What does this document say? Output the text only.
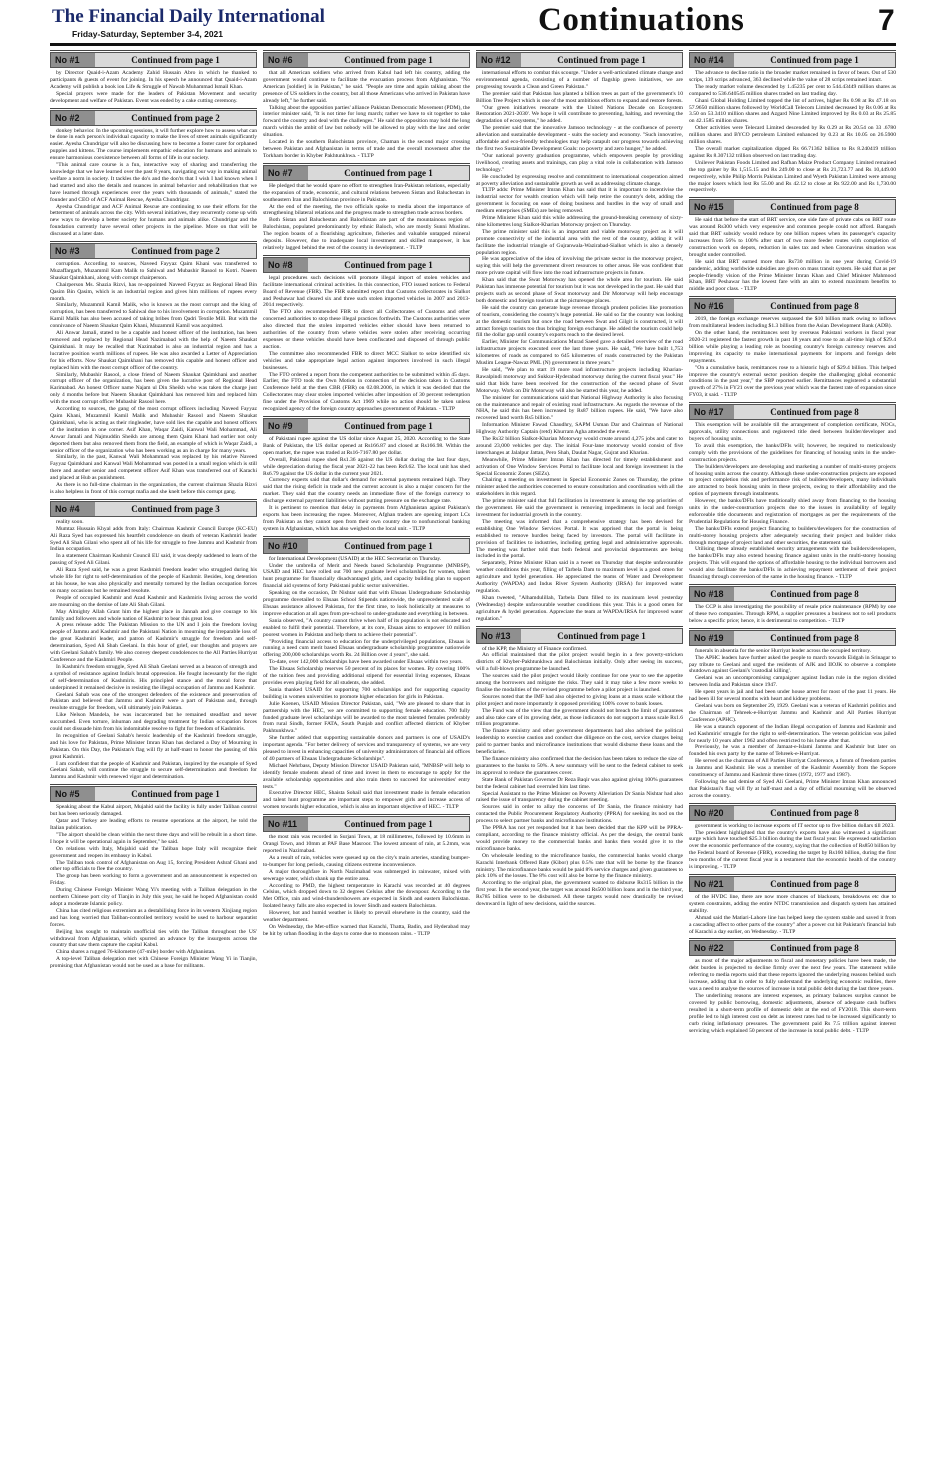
The Financial Daily International
Friday-Saturday, September 3-4, 2021	Continuations	7
No #1	Continued from page 1

by Director Quaid-i-Azam Academy Zahid Hussain Abro in which he thanked to participants & guests of event for joining. In his speech he announced that Quaid-i-Azam Academy will publish a book ion Life & Struggle of Nawab Muhammad Ismail Khan.

Special prayers were made for the leaders of Pakistan Movement and security development and welfare of Pakistan. Event was ended by a cake cutting ceremony.

No #2	Continued from page 2

donkey behavior. In the upcoming sessions, it will further explore how to assess what can be done in each person's individual capacity to make the lives of street animals significantly easier. Ayesha Chundrigar will also be discussing how to become a foster carer for orphaned puppies and kittens. The course implements empathic education for humans and animals to ensure harmonious coexistence between all forms of life in our society.

"This animal care course is a fun, interactive way of sharing and transferring the knowledge that we have learned over the past 8 years, navigating our way in making animal welfare a norm in society. It tackles the do's and the don'ts that I wish I had known when I had started and also the details and nuances in animal behavior and rehabilitation that we have learned through experiences over the years with thousands of animals," stated the founder and CEO of ACF Animal Rescue, Ayesha Chundrigar.

Ayesha Chundrigar and ACF Animal Rescue are continuing to use their efforts for the betterment of animals across the city. With several initiatives, they recurrently come up with new ways to develop a better society for humans and animals alike. Chundrigar and the foundation currently have several other projects in the pipeline. More on that will be discussed at a later date.

No #3	Continued from page 2

corruption. According to sources, Naveed Fayyaz Qaim Khani was transferred to Muzaffargarh, Muzammil Kam Malik to Sahiwal and Mubashir Rasool to Kotri. Naeem Shaukat Qaimkhani, along with corrupt chairperson.

Chairperson Ms. Shazia Rizvi, has re-appointed Naveed Fayyaz as Regional Head Bin Qasim Bin Qasim, which is an industrial region and gives him millions of rupees every month.

Similarly, Muzammil Kamil Malik, who is known as the most corrupt and the king of corruption, has been transferred to Sahiwal due to his involvement in corruption. Muzammil Kamil Malik has also been accused of taking bribes from Qadri Textile Mill. But with the connivance of Naeem Shaukat Qaim Khani, Muzammil Kamil was acquitted.

Ali Anwar Jamali, stated to be a capable and honest officer of the institution, has been removed and replaced by Regional Head Nazimabad with the help of Naeem Shaukat Qaimkhani. It may be recalled that Nazimabad is also an industrial region and has a lucrative position worth millions of rupees. He was also awarded a Letter of Appreciation for his efforts. Now Shaukat Qaimkhani has removed this capable and honest officer and replaced him with the most corrupt officer of the country.

Similarly, Mubashir Rasool, a close friend of Naeem Shaukat Qaimkhani and another corrupt officer of the organization, has been given the lucrative post of Regional Head Karimabad. An honest Officer name Najam ul Din Sheikh who was taken the charge just only 4 months before but Naeem Shaukat Qaimkhani has removed him and replaced him with the most corrupt officer Mubashir Rasool here.

According to sources, the gang of the most corrupt officers including Naveed Fayyaz Qaim Khani, Muzammil Kamil Malik and Mubashir Rasool and Naeem Shaukat Qaimkhani, who is acting as their ringleader, have sold lies the capable and honest officers of the institution in one corner. Asif Khan, Waqar Zaidi, Kanwal Wali Mohammad, Ali Anwar Jamali and Najmuddin Sheikh are among them Qaim Khani had earlier not only deported them but also removed them from the field, an example of which is Waqar Zaidi, a senior officer of the organization who has been working as an in charge for many years.

Similarly, in the past, Kanwal Wali Mohammad was replaced by his relative Naveed Fayyaz Qaimkhani and Kanwal Wali Mohammad was posted in a small region which is still there and another senior and competent officer Asif Khan was transferred out of Karachi and placed at Hub as punishment.

As there is no full-time chairman in the organization, the current chairman Shazia Rizvi is also helpless in front of this corrupt mafia and she knelt before this corrupt gang.

No #4	Continued from page 3

reality soon.

Mumtaz Hussain Khyal adds from Italy: Chairman Kashmir Council Europe (KC-EU) Ali Raza Syed has expressed his heartfelt condolence on death of veteran Kashmiri leader Syed Ali Shah Gilani who spent all of his life for struggle to free Jammu and Kashmir from Indian occupation.

In a statement Chairman Kashmir Council EU said, it was deeply saddened to learn of the passing of Syed Ali Gilani.

Ali Raza Syed said, he was a great Kashmiri freedom leader who struggled during his whole life for right to self-determination of the people of Kashmir. Besides, long detention at his house, he was also physically and mentally tortured by the Indian occupation forces on many occasions but he remained resolute.

People of occupied Kashmir and Azad Kashmir and Kashmiris living across the world are mourning on the demise of late Ali Shah Gilani.

May Almighty Allah Grant him the highest place in Jannah and give courage to his family and followers and whole nation of Kashmir to bear this great loss.

A press release adds: The Pakistan Mission to the UN and I join the freedom loving people of Jammu and Kashmir and the Pakistani Nation in mourning the irreparable loss of the great Kashmiri leader, and patron of Kashmir's struggle for freedom and self-determination, Syed Ali Shah Geelani. In this hour of grief, our thoughts and prayers are with Geelani Sahab's family. We also convey deepest condolences to the All Parties Hurriyat Conference and the Kashmiri People.

In Kashmir's freedom struggle, Syed Ali Shah Geelani served as a beacon of strength and a symbol of resistance against India's brutal oppression. He fought incessantly for the right of self-determination of Kashmiris. His principled stance and the moral force that underpinned it remained decisive in resisting the illegal occupation of Jammu and Kashmir.

Geelani Sahab was one of the strongest defenders of the existence and preservation of Pakistan and believed that Jammu and Kashmir were a part of Pakistan and, through resolute struggle for freedom, will ultimately join Pakistan.

Like Nelson Mandela, he was incarcerated but he remained steadfast and never succumbed. Even torture, inhuman and degrading treatment by Indian occupation forces could not dissuade him from his indomitable resolve to fight for freedom of Kashmiris.

In recognition of Geelani Sahab's heroic leadership of the Kashmiri freedom struggle, and his love for Pakistan, Prime Minister Imran Khan has declared a Day of Mourning in Pakistan. On this Day, the Pakistan's flag will fly at half-mast to honor the passing of this great Kashmiri.

I am confident that the people of Kashmir and Pakistan, inspired by the example of Syed Geelani Sahab, will continue the struggle to secure self-determination and freedom for Jammu and Kashmir with renewed vigor and determination.

No #5	Continued from page 1

Speaking about the Kabul airport, Mujahid said the facility is fully under Taliban control but has been seriously damaged.

Qatar and Turkey are leading efforts to resume operations at the airport, he told the Italian publication.

"The airport should be clean within the next three days and will be rebuilt in a short time. I hope it will be operational again in September," he said.

On relations with Italy, Mujahid said the Taliban hope Italy will recognize their government and reopen its embassy in Kabul.

The Taliban took control of Afghanistan on Aug 15, forcing President Ashraf Ghani and other top officials to flee the country.

The group has been working to form a government and an announcement is expected on Friday.

During Chinese Foreign Minister Wang Yi's meeting with a Taliban delegation in the northern Chinese port city of Tianjin in July this year, he said he hoped Afghanistan could adopt a moderate Islamic policy.

China has cited religious extremism as a destabilising force in its western Xinjiang region and has long worried that Taliban-controlled territory would be used to harbour separatist forces.

Beijing has sought to maintain unofficial ties with the Taliban throughout the US' withdrawal from Afghanistan, which spurred an advance by the insurgents across the country that saw them capture the capital Kabul.

China shares a rugged 76-kilometre (47-mile) border with Afghanistan.

A top-level Taliban delegation met with Chinese Foreign Minister Wang Yi in Tianjin, promising that Afghanistan would not be used as a base for militants.

No #6	Continued from page 1

that all American soldiers who arrived from Kabul had left his country, adding the government would continue to facilitate the evacuation process from Afghanistan. "No American [soldier] is in Pakistan," he said. "People are time and again talking about the presence of US soldiers in the country, but all those Americans who arrived in Pakistan have already left," he further said.

Talking about the opposition parties' alliance Pakistan Democratic Movement (PDM), the interior minister said, "It is not time for long march; rather we have to sit together to take forward the country and deal with the challenges." He said the opposition may hold the long march within the ambit of law but nobody will be allowed to play with the law and order situation.

Located in the southern Balochistan province, Chaman is the second major crossing between Pakistan and Afghanistan in terms of trade and the overall movement after the Torkham border in Khyber Pakhtunkhwa. - TLTP

No #7	Continued from page 1

He pledged that he would spare no effort to strengthen Iran-Pakistan relations, especially the expansion of trade, economic, and cultural relations between Sistan and Baluchestan in southeastern Iran and Balochistan province in Pakistan.

At the end of the meeting, the two officials spoke to media about the importance of strengthening bilateral relations and the progress made to strengthen trade across borders.

Both Sistan and Baluchestan and Balochistan are part of the mountainous region of Balochistan, populated predominantly by ethnic Baloch, who are mostly Sunni Muslims. The region boasts of a flourishing agriculture, fisheries and valuable untapped mineral deposits. However, due to inadequate local investment and skilled manpower, it has relatively lagged behind the rest of the country in development. - TLTP

No #8	Continued from page 1

legal procedures such decisions will promote illegal import of stolen vehicles and facilitate international criminal activities. In this connection, FTO issued notices to Federal Board of Revenue (FBR). The FBR submitted report that Customs collectorates in Sialkot and Peshawar had cleared six and three such stolen imported vehicles in 2007 and 2013-2014 respectively.

The FTO also recommended FBR to direct all Collectorates of Customs and other concerned authorities to stop these illegal practices forthwith. The Customs authorities were also directed that the stolen imported vehicles either should have been returned to authorities of the country from where vehicles were stolen after receiving occurring expenses or these vehicles should have been confiscated and disposed of through public auction.

The committee also recommended FBR to direct MCC Sialkot to seize identified six vehicles and take appropriate legal action against importers involved in such illegal businesses.

The FTO ordered a report from the competent authorities to be submitted within 45 days. Earlier, the FTO took the Own Motion in connection of the decision taken in Customs Conference held at the then CBR (FBR) on 02.08.2006, in which it was decided that the Collectorates may clear stolen imported vehicles after imposition of 30 percent redemption fine under the Provision of Customs Act 1969 while no action should be taken unless recognized agency of the foreign country approaches government of Pakistan. - TLTP

No #9	Continued from page 1

of Pakistani rupee against the US dollar since August 25, 2020. According to the State Bank of Pakistan, the US dollar opened at Rs166.87 and closed at Rs166.98. Within the open market, the rupee was traded at Rs16-7167.80 per dollar.

Overall, Pakistani rupee shed Rs1.36 against the US dollar during the last four days, while depreciation during the fiscal year 2021-22 has been Rs9.62. The local unit has shed Rs6.79 against the US dollar in the current year 2021.

Currency experts said that dollar's demand for external payments remained high. They said that the rising deficit in trade and the current account is also a major concern for the market. They said that the country needs an immediate flow of the foreign currency to discharge external payment liabilities without putting pressure on the exchange rate.

It is pertinent to mention that delay in payments from Afghanistan against Pakistan's exports has been increasing the rupee. Moreover, Afghan traders are opening import LCs from Pakistan as they cannot open from their own country due to nonfunctional banking system in Afghanistan, which has also weighed on the local unit. - TLTP

No #10	Continued from page 1

for International Development (USAID) at the HEC Secretariat on Thursday.

Under the umbrella of Merit and Needs based Scholarship Programme (MNBSP), USAID and HEC have rolled out 700 new graduate level scholarships for women, talent hunt programme for financially disadvantaged girls, and capacity building plan to support financial aid systems of forty Pakistani public sector universities.

Speaking on the occasion, Dr Nishtar said that with Ehsaas Undergraduate Scholarship programme dovetailed to Ehsaas School Stipends nationwide, the unprecedented scale of Ehsaas assistance allowed Pakistan, for the first time, to look holistically at measures to improve education at all ages from pre-school to under-graduate and everything in between.

Sania observed, "A country cannot thrive when half of its population is not educated and enabled to fulfil their potential. Therefore, at its core, Ehsaas aims to empower 10 million poorest women in Pakistan and help them to achieve their potential".

"Providing financial access to education for the underprivileged populations, Ehsaas is running a need cum merit based Ehsaas undergraduate scholarship programme nationwide offering 200,000 scholarships worth Rs. 24 Billion over 4 years", she said.

To-date, over 142,000 scholarships have been awarded under Ehsaas within two years.

The Ehsaas Scholarship reserves 50 percent of its places for women. By covering 100% of the tuition fees and providing additional stipend for essential living expenses, Ehsaas provides even playing field for all students, she added.

Sania thanked USAID for supporting 700 scholarships and for supporting capacity building in women universities to promote higher education for girls in Pakistan.

Julie Koenen, USAID Mission Director Pakistan, said, "We are pleased to share that in partnership with the HEC, we are committed to supporting female education. 700 fully funded graduate level scholarships will be awarded to the most talented females preferably from rural Sindh, former FATA, South Punjab and conflict affected districts of Khyber Pakhtunkhwa."

She further added that supporting sustainable donors and partners is one of USAID's important agenda. "For better delivery of services and transparency of systems, we are very pleased to invest in enhancing capacities of university administrators of financial aid offices of 40 partners of Ehsaas Undergraduate Scholarships".

Michael Nehrbass, Deputy Mission Director USAID Pakistan said, "MNBSP will help to identify female students ahead of time and invest in them to encourage to apply for the available scholarship opportunities and also train them to succeed for universities' entry tests."

Executive Director HEC, Shaista Sohail said that investment made in female education and talent hunt programme are important steps to empower girls and increase access of women towards higher education, which is also an important objective of HEC. - TLTP

No #11	Continued from page 1

the most rain was recorded in Surjani Town, at 18 millimetres, followed by 10.6mm in Orangi Town, and 10mm at PAF Base Masroor. The lowest amount of rain, at 5.2mm, was reported in Nazimabad.

As a result of rain, vehicles were queued up on the city's main arteries, standing bumper-to-bumper for long periods, causing citizens extreme inconvenience.

A major thoroughfare in North Nazimabad was submerged in rainwater, mixed with sewerage water, which shank up the entire area.

According to PMD, the highest temperature in Karachi was recorded at 40 degrees Celsius, which dropped down to 32 degrees Celsius after the downpour. According to the Met Office, rain and wind-thundershowers are expected in Sindh and eastern Balochistan. Isolated heavy falls are also expected in lower Sindh and eastern Balochistan.

However, hot and humid weather is likely to prevail elsewhere in the country, said the weather department.

On Wednesday, the Met-office warned that Karachi, Thatta, Badin, and Hyderabad may be hit by urban flooding in the days to come due to monsoon rains. - TLTP

No #12	Continued from page 1

international efforts to combat this scourge. "Under a well-articulated climate change and environmental agenda, consisting of a number of flagship green initiatives, we are progressing towards a Clean and Green Pakistan."

The premier said that Pakistan has planted a billion trees as part of the government's 10 Billion Tree Project which is one of the most ambitious efforts to expand and restore forests.

"Our green initiatives resonate with the United Nations Decade on Ecosystem Restoration 2021-2030'. We hope it will contribute to preventing, halting, and reversing the degradation of ecosystems," he added.

The premier said that the innovative Jamsoo technology - at the confluence of poverty alleviation and sustainable development - suits the society and economy. "Such innovative, affordable and eco-friendly technologies may help catapult our progress towards achieving the first two Sustainable Development Goals: no poverty and zero hunger," he added.

"Our national poverty graduation programme, which empowers people by providing livelihood, creating assets and trainings, can play a vital role in collaboration with Jamsoo technology."

He concluded by expressing resolve and commitment to international cooperation aimed at poverty alleviation and sustainable growth as well as addressing climate change.

TLTP adds: Prime Minister Imran Khan has said that it is important to incentivise the industrial sector for wealth creation which will help retire the country's debt, adding the government is focusing on ease of doing business and hurdles in the way of small and medium enterprises (SMEs) are being removed.

Prime Minister Khan said this while addressing the ground-breaking ceremony of sixty-nine kilometres long Sialkot-Kharian Motorway project on Thursday.

The prime minister said this is an important and viable motorway project as it will promote connectivity of the industrial area with the rest of the country, adding it will facilitate the industrial triangle of Gujranwala-Wazirabad-Sialkot which is also a densely population region.

He was appreciative of the idea of involving the private sector in the motorway project, saying this will help the government divert resources to other areas. He was confident that more private capital will flow into the road infrastructure projects in future.

Khan said that the Swat Motorway has opened the whole area for tourism. He said Pakistan has immense potential for tourism but it was not developed in the past. He said that projects such as second phase of Swat motorway and Dir Motorway will help encourage both domestic and foreign tourism at the picturesque places.

He said the country can generate huge revenue through prudent policies like promotion of tourism, considering the country's huge potential. He said so far the country was looking at the domestic tourism but once the road between Swat and Gilgit is constructed, it will attract foreign tourists too thus bringing foreign exchange. He added the tourism could help fill the dollar gap until country's exports reach to the desired level.

Earlier, Minister for Communications Murad Saeed gave a detailed overview of the road infrastructure projects executed over the last three years. He said, "We have built 1,753 kilometres of roads as compared to 645 kilometres of roads constructed by the Pakistan Muslim League-Nawaz PML (N) government in three years."

He said, "We plan to start 19 more road infrastructure projects including Kharian-Rawalpindi motorway and Sukkur-Hyderabad motorway during the current fiscal year." He said that bids have been received for the construction of the second phase of Swat Motorway. Work on Dir Motorway will also be started this year, he added.

The minister for communications said that National Highway Authority is also focusing on the maintenance and repair of existing road infrastructure. As regards the revenue of the NHA, he said this has been increased by Rs87 billion rupees. He said, "We have also recovered land worth Rs5 billion."

Information Minister Fawad Chaudhry, SAPM Usman Dar and Chairman of National Highway Authority Captain (retd) Khurram Agha attended the event.

The Rs32 billion Sialkot-Kharian Motorway would create around 4,275 jobs and cater to around 23,000 vehicles per day. The initial Four-lane motorway would consist of five interchanges at Jalalpur Jattan, Pero Shah, Daulat Nagar, Gujrat and Kharian.

Meanwhile, Prime Minister Imran Khan has directed for timely establishment and activation of One Window Services Portal to facilitate local and foreign investment in the Special Economic Zones (SEZs).

Chairing a meeting on investment in Special Economic Zones on Thursday, the prime minister asked the authorities concerned to ensure consultation and coordination with all the stakeholders in this regard.

The prime minister said that full facilitation in investment is among the top priorities of the government. He said the government is removing impediments in local and foreign investment for industrial growth in the country.

The meeting was informed that a comprehensive strategy has been devised for establishing One Window Services Portal. It was apprised that the portal is being established to remove hurdles being faced by investors. The portal will facilitate in provision of facilities to industries, including getting legal and administrative approvals. The meeting was further told that both federal and provincial departments are being included in the portal.

Separately, Prime Minister Khan said in a tweet on Thursday that despite unfavourable weather conditions this year, filling of Tarbela Dam to maximum level is a good omen for agriculture and hydel generation. He appreciated the teams of Water and Development Authority (WAPDA) and Indus River System Authority (IRSA) for improved water regulation.

Khan tweeted, "Alhamdulillah, Tarbela Dam filled to its maximum level yesterday (Wednesday) despite unfavourable weather conditions this year. This is a good omen for agriculture & hydel generation. Appreciate the team at WAPDA/IRSA for improved water regulation."

No #13	Continued from page 1

of the KPP, the Ministry of Finance confirmed.

An official maintained that the pilot project would begin in a few poverty-stricken districts of Khyber-Pakhtunkhwa and Balochistan initially. Only after seeing its success, will a full-blown programme be launched.

The sources said the pilot project would likely continue for one year to see the appetite among the borrowers and mitigate the risks. They said it may take a few more weeks to finalise the modalities of the revised programme before a pilot project is launched.

Sources noted that the IMF had also objected to giving loans at a mass scale without the pilot project and more importantly it opposed providing 100% cover to bank losses.

The Fund was of the view that the government should not breach the limit of guarantees and also take care of its growing debt, as those indicators do not support a mass scale Rs1.6 trillion programme.

The finance ministry and other government departments had also advised the political leadership to exercise caution and conduct due diligence on the cost, service charges being paid to partner banks and microfinance institutions that would disburse these loans and the beneficiaries.

The finance ministry also confirmed that the decision has been taken to reduce the size of guarantees to the banks to 50%. A new summary will be sent to the federal cabinet to seek its approval to reduce the guarantees cover.

State Bank of Pakistan Governor Dr Reza Baqir was also against giving 100% guarantees but the federal cabinet had overruled him last time.

Special Assistant to the Prime Minister on Poverty Alleviation Dr Sania Nishtar had also raised the issue of transparency during the cabinet meeting.

Sources said in order to allay the concerns of Dr Sania, the finance ministry had contacted the Public Procurement Regulatory Authority (PPRA) for seeking its nod on the process to select partner banks and microfinance institutions.

The PPRA has not yet responded but it has been decided that the KPP will be PPRA-compliant, according to the finance ministry official. As per the design, the central bank would provide money to the commercial banks and banks then would give it to the microfinance banks.

On wholesale lending to the microfinance banks, the commercial banks would charge Karachi Interbank Offered Rate (Kibor) plus 0.5% rate that will be borne by the finance ministry. The microfinance banks would be paid 8% service charges and given guarantees to pick 10% of the losses. The 8% cost will also be borne by the finance ministry.

According to the original plan, the government wanted to disburse Rs315 billion in the first year. In the second year, the target was around Rs500 billion loans and in the third year, Rs785 billion were to be disbursed. All these targets would now drastically be revised downward in light of new decisions, said the sources.

No #14	Continued from page 1

The advance to decline ratio in the broader market remained in favor of bears. Out of 530 scrips, 139 scrips advanced, 363 declined while the value of 28 scrips remained intact.

The ready market volume descended by 1.45235 per cent to 544.43449 million shares as compared to 536.640545 million shares traded on last trading day.

Ghani Global Holding Limited topped the list of actives, higher Rs 0.98 at Rs 47.18 on 57.9650 million shares followed by WorldCall Telecom Limited decreased by Rs 0.06 at Rs 3.50 on 53.3410 million shares and Azgard Nine Limited improved by Rs 0.03 at Rs 25.85 on 42.1585 million shares.

Other activities were Telecard Limited descended by Rs 0.29 at Rs 20.54 on 33 .6780 million shares and BYCO petroleum Limited enhanced by 0.23 at Rs 10.05 on 26.5900 million shares.

The overall market capitalization dipped Rs 66.71362 billion to Rs 8.240419 trillion against Rs 8.307132 trillion observed on last trading day.

Unilever Pakistan Foods Limited and Rafhan Maize Product Company Limited remained the top gainer by Rs 1,515.15 and Rs 249.00 to close at Rs 21,723.77 and Rs 10,449.00 respectively, while Philip Morris Pakistan Limited and Wyeth Pakistan Limited were among the major losers which lost Rs 55.00 and Rs 42.12 to close at Rs 922.00 and Rs 1,730.00 respectively.

No #15	Continued from page 8

He said that before the start of BRT service, one side fare of private cabs on BRT route was around Rs300 which very expensive and common people could not afford. Bangash said that BRT subsidy would reduce by one billion rupees when its passenger's capacity increases from 56% to 100% after start of two more feeder routes with completion of construction work on depots, reduction in sales tax and when Coronavirus situation was brought under controlled.

He said that BRT earned more than Rs730 million in one year during Covid-19 pandemic, adding worldwide subsidies are given on mass transit system. He said that as per people-friendly vision of the Prime Minister Imran Khan and Chief Minister Mahmood Khan, BRT Peshawar has the lowest fare with an aim to extend maximum benefits to middle and poor class. - TLTP

No #16	Continued from page 8

2019, the foreign exchange reserves surpassed the $10 billion mark owing to inflows from multilateral lenders including $1.3 billion from the Asian Development Bank (ADB).

On the other hand, the remittances sent by overseas Pakistani workers in fiscal year 2020-21 registered the fastest growth in past 18 years and rose to an all-time high of $29.4 billion while playing a leading role as boosting country's foreign currency reserves and improving its capacity to make international payments for imports and foreign debt repayments.

"On a cumulative basis, remittances rose to a historic high of $29.4 billion. This helped improve the country's external sector position despite the challenging global economic conditions in the past year," the SBP reported earlier. Remittances registered a substantial growth of 27% in FY21 over the previous year which was the fastest rate of expansion since FY03, it said. - TLTP

No #17	Continued from page 8

This exemption will be available till the arrangement of completion certificate, NOCs, approvals, utility connections and registered title deed between builder/developer and buyers of housing units.

To avail this exemption, the banks/DFIs will; however, be required to meticulously comply with the provisions of the guidelines for financing of housing units in the under-construction projects.

The builders/developers are developing and marketing a number of multi-storey projects of housing units across the country. Although these under-construction projects are exposed to project completion risk and performance risk of builders/developers, many individuals are attracted to book housing units in these projects, owing to their affordability and the option of payments through instalments.

However, the banks/DFIs have traditionally shied away from financing to the housing units in the under-construction projects due to the issues in availability of legally enforceable title documents and registration of mortgages as per the requirements of the Prudential Regulations for Housing Finance.

The banks/DFIs extend project financing to builders/developers for the construction of multi-storey housing projects after adequately securing their project and builder risks through mortgage of project land and other securities, the statement said.

Utilising these already established security arrangements with the builders/developers, the banks/DFIs may also extend housing finance against units in the multi-storey housing projects. This will expand the options of affordable housing to the individual borrowers and would also facilitate the banks/DFIs in achieving repayment settlement of their project financing through conversion of the same in the housing finance. - TLTP

No #18	Continued from page 8

The CCP is also investigating the possibility of resale price maintenance (RPM) by one of these two companies. Through RPM, a supplier pressures a business not to sell products below a specific price; hence, it is detrimental to competition. - TLTP

No #19	Continued from page 8

funerals in absentia for the senior Hurriyat leader across the occupied territory.

The APHC leaders have further asked the people to march towards Eidgah in Srinagar to pay tribute to Geelani and urged the residents of AJK and IIOJK to observe a complete shutdown against Geelani's 'custodial killing'.

Geelani was an uncompromising campaigner against Indian rule in the region divided between India and Pakistan since 1947.

He spent years in jail and had been under house arrest for most of the past 11 years. He had been ill for several months with heart and kidney problems.

Geelani was born on September 29, 1929. Geelani was a veteran of Kashmiri politics and the Chairman of Tehreek-e-Hurriyat Jammu and Kashmir and All Parties Hurriyat Conference (APHC).

He was a staunch opponent of the Indian illegal occupation of Jammu and Kashmir and led Kashmiris' struggle for the right to self-determination. The veteran politician was jailed for nearly 10 years after 1962 and often restricted to his home after that.

Previously, he was a member of Jamaat-e-Islami Jammu and Kashmir but later on founded his own party by the name of Tehreek-e-Hurriyat.

He served as the chairman of All Parties Hurriyat Conference, a forum of freedom parties in Jammu and Kashmir. He was a member of the Kashmir Assembly from the Sopore constituency of Jammu and Kashmir three times (1972, 1977 and 1987).

Following the sad demise of Syed Ali Geelani, Prime Minister Imran Khan announced that Pakistani's flag will fly at half-mast and a day of official mourning will be observed across the country.

No #20	Continued from page 8

government is working to increase exports of IT sector up to five billion dollars till 2023.

The president highlighted that the country's exports have also witnessed a significant surge which have touched $25.3 billion during the last fiscal year. He expressed satisfaction over the economic performance of the country, saying that the collection of Rs850 billion by the Federal board of Revenue (FBR), exceeding the target by Rs160 billion, during the first two months of the current fiscal year is a testament that the economic health of the country is improving. - TLTP

No #21	Continued from page 8

of the HVDC line, there are now more chances of blackouts, breakdowns etc due to system constraints, adding the entire NTDC transmission and dispatch system has attained stability.

Ahmad said the Matiari-Lahore line has helped keep the system stable and saved it from a cascading affect to other parts of the country" after a power cut hit Pakistan's financial hub of Karachi a day earlier, on Wednesday. - TLTP

No #22	Continued from page 8

as most of the major adjustments to fiscal and monetary policies have been made, the debt burden is projected to decline firmly over the next few years. The statement while referring to media reports said that these reports ignored the underlying reasons behind such increase, adding that in order to fully understand the underlying economic realities, there was a need to analyse the sources of increase in total public debt during the last three years.

The underlining reasons are interest expenses, as primary balances surplus cannot be covered by public borrowing, domestic adjustments, absence of adequate cash buffers resulted in a short-term profile of domestic debt at the end of FY2018. This short-term profile led to high interest cost on debt as interest rates had to be increased significantly to curb rising inflationary pressures. The government paid Rs 7.5 trillion against interest servicing which explained 50 percent of the increase in total public debt. - TLTP
